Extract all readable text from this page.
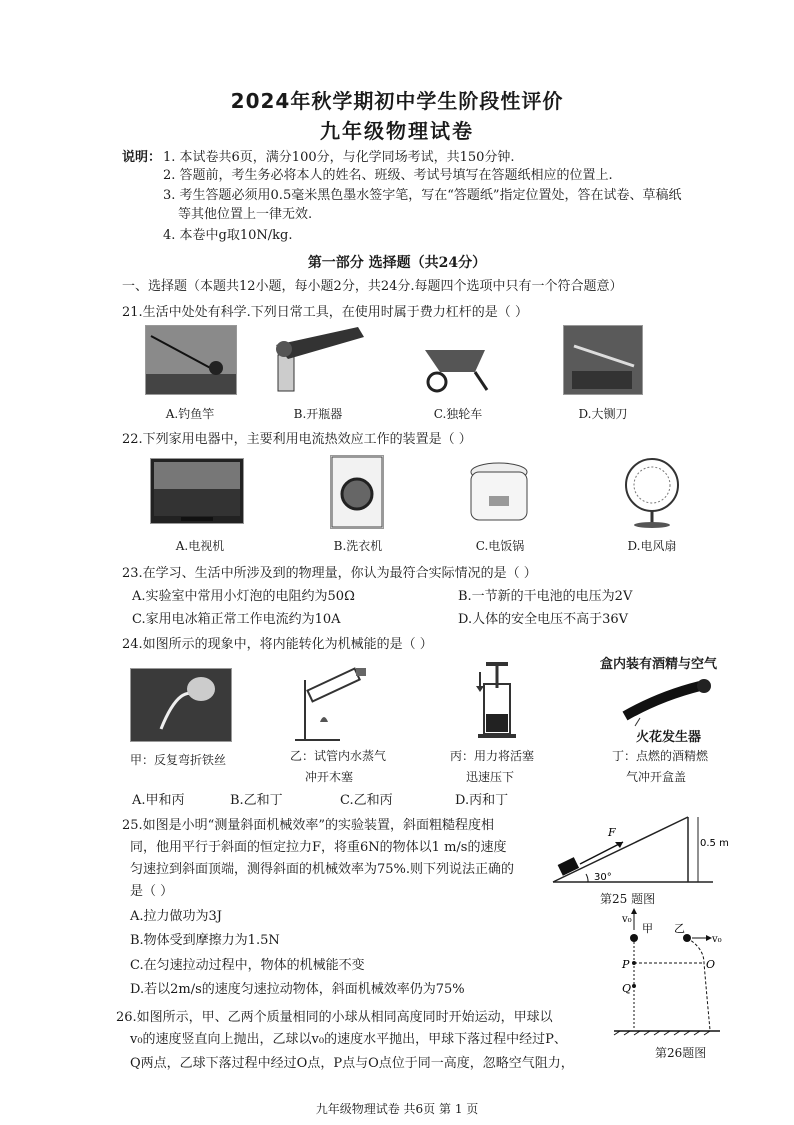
2024年秋学期初中学生阶段性评价
九年级物理试卷
说明： 1. 本试卷共6页，满分100分，与化学同场考试，共150分钟.
2. 答题前，考生务必将本人的姓名、班级、考试号填写在答题纸相应的位置上.
3. 考生答题必须用0.5毫米黑色墨水签字笔，写在“答题纸”指定位置处，答在试卷、草稿纸
等其他位置上一律无效.
4. 本卷中g取10N/kg.
第一部分 选择题（共24分）
一、选择题（本题共12小题，每小题2分，共24分.每题四个选项中只有一个符合题意）
21.生活中处处有科学.下列日常工具，在使用时属于费力杠杆的是（ ）
A.钓鱼竿	B.开瓶器	C.独轮车	D.大铡刀
22.下列家用电器中，主要利用电流热效应工作的装置是（ ）
A.电视机	B.洗衣机	C.电饭锅	D.电风扇
23.在学习、生活中所涉及到的物理量，你认为最符合实际情况的是（ ）
A.实验室中常用小灯泡的电阻约为50Ω	B.一节新的干电池的电压为2V
C.家用电冰箱正常工作电流约为10A	D.人体的安全电压不高于36V
24.如图所示的现象中，将内能转化为机械能的是（ ）
盒内装有酒精与空气
火花发生器
甲：反复弯折铁丝	乙：试管内水蒸气
冲开木塞
丙：用力将活塞
迅速压下
丁：点燃的酒精燃
气冲开盒盖
A.甲和丙	B.乙和丁	C.乙和丙	D.丙和丁
25.如图是小明“测量斜面机械效率”的实验装置，斜面粗糙程度相
同，他用平行于斜面的恒定拉力F，将重6N的物体以1 m/s的速度
匀速拉到斜面顶端，测得斜面的机械效率为75%.则下列说法正确的
是（ ）
A.拉力做功为3J
B.物体受到摩擦力为1.5N
C.在匀速拉动过程中，物体的机械能不变
D.若以2m/s的速度匀速拉动物体，斜面机械效率仍为75%
F
30°
0.5 m
第25 题图
v₀
甲 乙
v₀
P	O
Q
26.如图所示，甲、乙两个质量相同的小球从相同高度同时开始运动，甲球以
v₀的速度竖直向上抛出，乙球以v₀的速度水平抛出，甲球下落过程中经过P、
第26题图
Q两点，乙球下落过程中经过O点，P点与O点位于同一高度，忽略空气阻力，
九年级物理试卷 共6页 第 1 页
